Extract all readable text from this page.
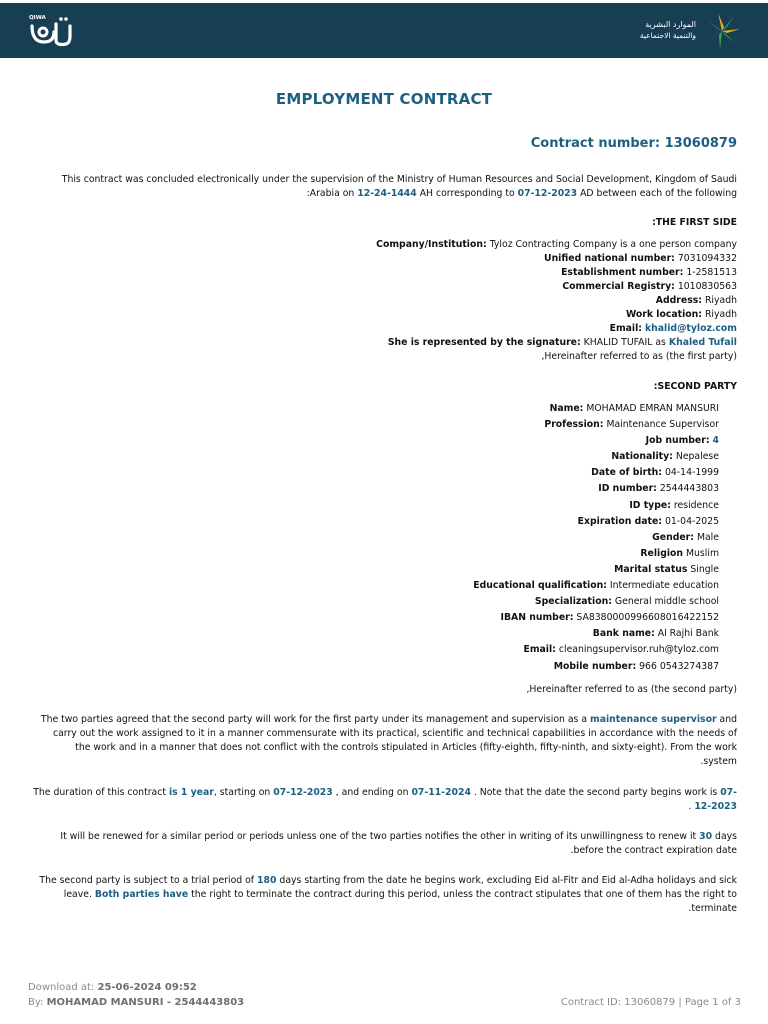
QIWA
الموارد البشرية
والتنمية الاجتماعية
EMPLOYMENT CONTRACT
Contract number: 13060879
This contract was concluded electronically under the supervision of the Ministry of Human Resources and Social Development, Kingdom of Saudi
:Arabia on 12-24-1444 AH corresponding to 07-12-2023 AD between each of the following
:THE FIRST SIDE
Company/Institution: Tyloz Contracting Company is a one person company
Unified national number: 7031094332
Establishment number: 1-2581513
Commercial Registry: 1010830563
Address: Riyadh
Work location: Riyadh
Email: khalid@tyloz.com
She is represented by the signature: KHALID TUFAIL as Khaled Tufail
,Hereinafter referred to as (the first party)
:SECOND PARTY
Name: MOHAMAD EMRAN MANSURI
Profession: Maintenance Supervisor
Job number: 4
Nationality: Nepalese
Date of birth: 04-14-1999
ID number: 2544443803
ID type: residence
Expiration date: 01-04-2025
Gender: Male
Religion Muslim
Marital status Single
Educational qualification: Intermediate education
Specialization: General middle school
IBAN number: SA8380000996608016422152
Bank name: Al Rajhi Bank
Email: cleaningsupervisor.ruh@tyloz.com
Mobile number: 966 0543274387
,Hereinafter referred to as (the second party)
The two parties agreed that the second party will work for the first party under its management and supervision as a maintenance supervisor and
carry out the work assigned to it in a manner commensurate with its practical, scientific and technical capabilities in accordance with the needs of
the work and in a manner that does not conflict with the controls stipulated in Articles (fifty-eighth, fifty-ninth, and sixty-eight). From the work
.system
The duration of this contract is 1 year, starting on 07-12-2023 , and ending on 07-11-2024 . Note that the date the second party begins work is 07-
. 12-2023
It will be renewed for a similar period or periods unless one of the two parties notifies the other in writing of its unwillingness to renew it 30 days
.before the contract expiration date
The second party is subject to a trial period of 180 days starting from the date he begins work, excluding Eid al-Fitr and Eid al-Adha holidays and sick
leave. Both parties have the right to terminate the contract during this period, unless the contract stipulates that one of them has the right to
.terminate
Download at: 25-06-2024 09:52
By: MOHAMAD MANSURI - 2544443803	Contract ID: 13060879 | Page 1 of 3
